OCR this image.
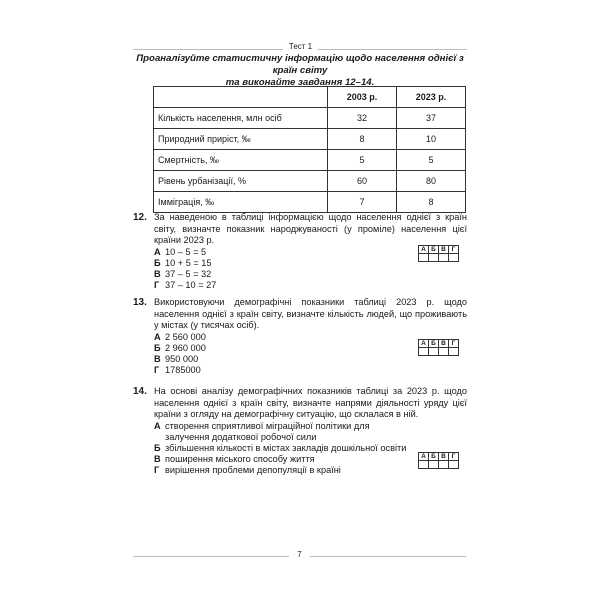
Тест 1
Проаналізуйте статистичну інформацію щодо населення однієї з країн світу
та виконайте завдання 12–14.
	2003 р.	2023 р.
Кількість населення, млн осіб	32	37
Природний приріст, ‰	8	10
Смертність, ‰	5	5
Рівень урбанізації, %	60	80
Імміграція, ‰	7	8
12. За наведеною в таблиці інформацією щодо населення однієї з країн світу, визначте показник народжуваності (у проміле) населення цієї країни 2023 р.
А 10 – 5 = 5
Б 10 + 5 = 15
В 37 – 5 = 32
Г 37 – 10 = 27
А	Б	В	Г

13. Використовуючи демографічні показники таблиці 2023 р. щодо населення однієї з країн світу, визначте кількість людей, що проживають у містах (у тисячах осіб).
А 2 560 000
Б 2 960 000
В 950 000
Г 1785000
А	Б	В	Г

14. На основі аналізу демографічних показників таблиці за 2023 р. щодо населення однієї з країн світу, визначте напрями діяльності уряду цієї країни з огляду на демографічну ситуацію, що склалася в ній.
А створення сприятливої міграційної політики для залучення додаткової робочої сили
Б збільшення кількості в містах закладів дошкільної освіти
В поширення міського способу життя
Г вирішення проблеми депопуляції в країні
А	Б	В	Г

7
